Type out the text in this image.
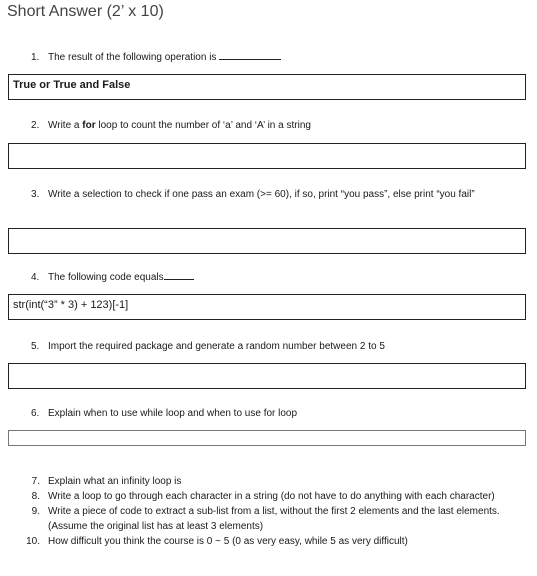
Short Answer (2’ x 10)
1. The result of the following operation is
True or True and False
2. Write a for loop to count the number of ‘a’ and ‘A’ in a string
3. Write a selection to check if one pass an exam (>= 60), if so, print “you pass”, else print “you fail”
4. The following code equals
str(int(“3” * 3) + 123)[-1]
5. Import the required package and generate a random number between 2 to 5
6. Explain when to use while loop and when to use for loop
7. Explain what an infinity loop is
8. Write a loop to go through each character in a string (do not have to do anything with each character)
9. Write a piece of code to extract a sub-list from a list, without the first 2 elements and the last elements. (Assume the original list has at least 3 elements)
10. How difficult you think the course is 0 ~ 5 (0 as very easy, while 5 as very difficult)
